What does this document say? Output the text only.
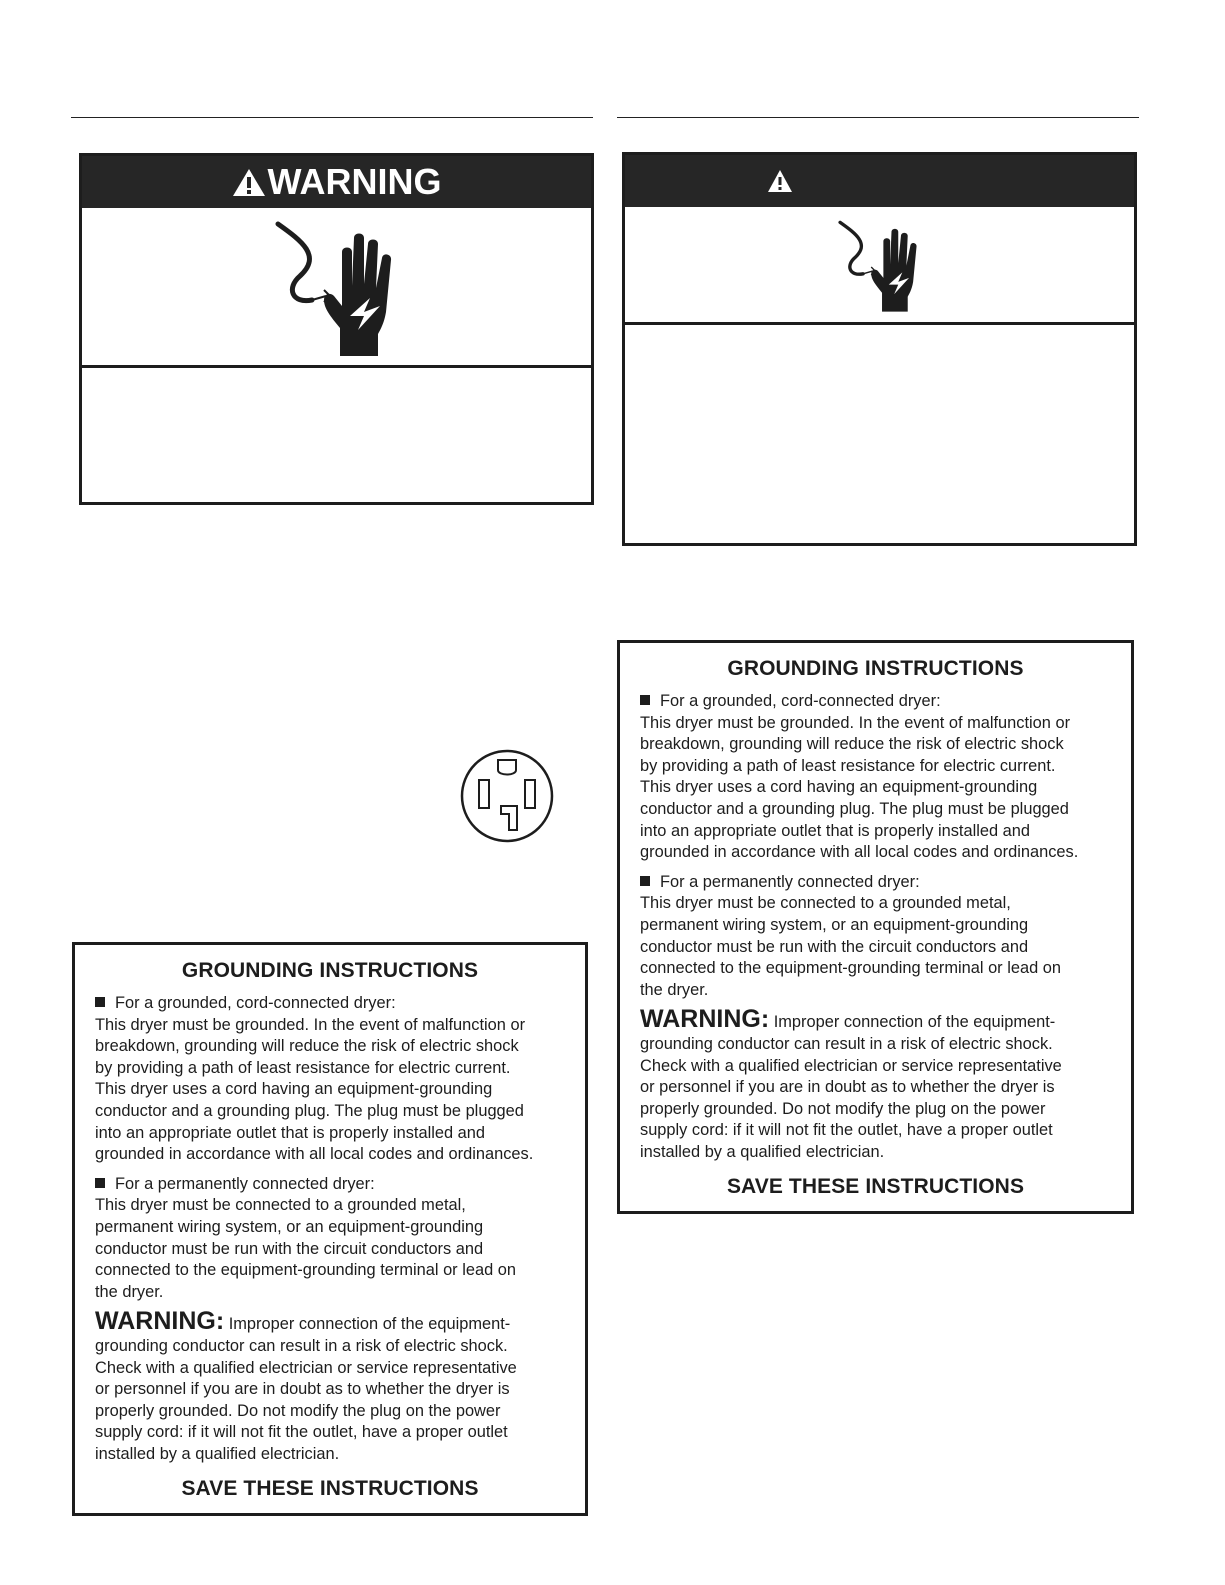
WARNING
GROUNDING INSTRUCTIONS

For a grounded, cord-connected dryer:

This dryer must be grounded. In the event of malfunction or

breakdown, grounding will reduce the risk of electric shock

by providing a path of least resistance for electric current.

This dryer uses a cord having an equipment-grounding

conductor and a grounding plug. The plug must be plugged

into an appropriate outlet that is properly installed and

grounded in accordance with all local codes and ordinances.

For a permanently connected dryer:

This dryer must be connected to a grounded metal,

permanent wiring system, or an equipment-grounding

conductor must be run with the circuit conductors and

connected to the equipment-grounding terminal or lead on

the dryer.

WARNING: Improper connection of the equipment-

grounding conductor can result in a risk of electric shock.

Check with a qualified electrician or service representative

or personnel if you are in doubt as to whether the dryer is

properly grounded. Do not modify the plug on the power

supply cord: if it will not fit the outlet, have a proper outlet

installed by a qualified electrician.

SAVE THESE INSTRUCTIONS
GROUNDING INSTRUCTIONS

For a grounded, cord-connected dryer:

This dryer must be grounded. In the event of malfunction or

breakdown, grounding will reduce the risk of electric shock

by providing a path of least resistance for electric current.

This dryer uses a cord having an equipment-grounding

conductor and a grounding plug. The plug must be plugged

into an appropriate outlet that is properly installed and

grounded in accordance with all local codes and ordinances.

For a permanently connected dryer:

This dryer must be connected to a grounded metal,

permanent wiring system, or an equipment-grounding

conductor must be run with the circuit conductors and

connected to the equipment-grounding terminal or lead on

the dryer.

WARNING: Improper connection of the equipment-

grounding conductor can result in a risk of electric shock.

Check with a qualified electrician or service representative

or personnel if you are in doubt as to whether the dryer is

properly grounded. Do not modify the plug on the power

supply cord: if it will not fit the outlet, have a proper outlet

installed by a qualified electrician.

SAVE THESE INSTRUCTIONS
